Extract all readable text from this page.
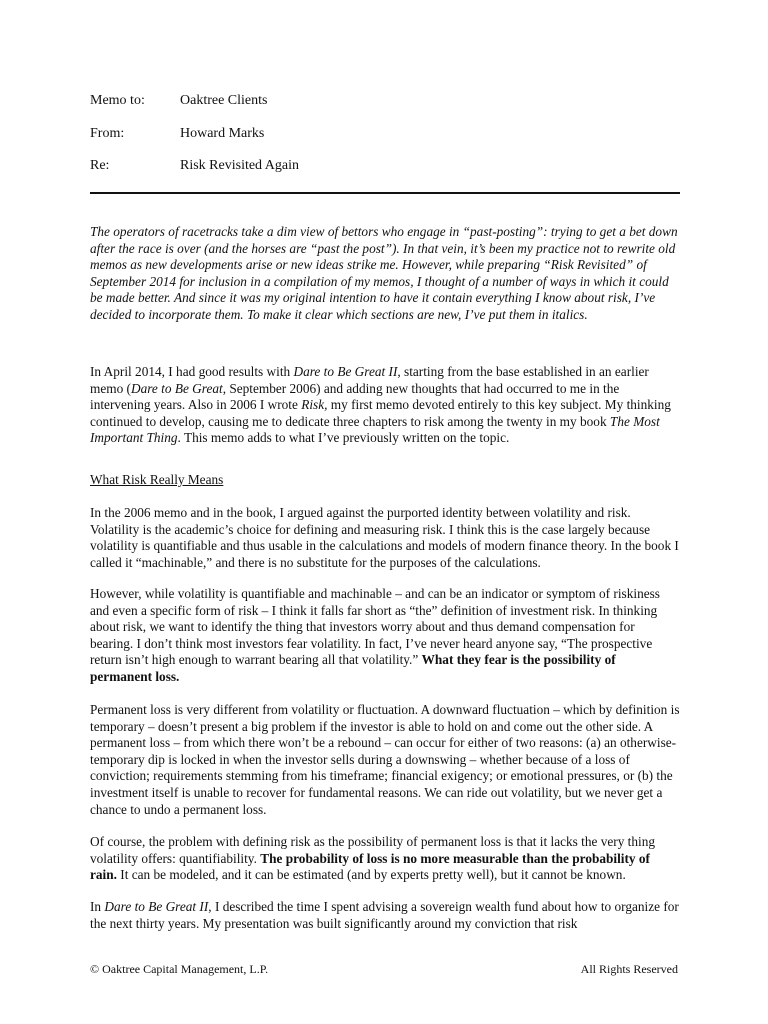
Memo to:	Oaktree Clients
From:	Howard Marks
Re:	Risk Revisited Again

The operators of racetracks take a dim view of bettors who engage in “past-posting”: trying to get a bet down after the race is over (and the horses are “past the post”). In that vein, it’s been my practice not to rewrite old memos as new developments arise or new ideas strike me. However, while preparing “Risk Revisited” of September 2014 for inclusion in a compilation of my memos, I thought of a number of ways in which it could be made better. And since it was my original intention to have it contain everything I know about risk, I’ve decided to incorporate them. To make it clear which sections are new, I’ve put them in italics.

In April 2014, I had good results with Dare to Be Great II, starting from the base established in an earlier memo (Dare to Be Great, September 2006) and adding new thoughts that had occurred to me in the intervening years. Also in 2006 I wrote Risk, my first memo devoted entirely to this key subject. My thinking continued to develop, causing me to dedicate three chapters to risk among the twenty in my book The Most Important Thing. This memo adds to what I’ve previously written on the topic.

What Risk Really Means

In the 2006 memo and in the book, I argued against the purported identity between volatility and risk. Volatility is the academic’s choice for defining and measuring risk. I think this is the case largely because volatility is quantifiable and thus usable in the calculations and models of modern finance theory. In the book I called it “machinable,” and there is no substitute for the purposes of the calculations.

However, while volatility is quantifiable and machinable – and can be an indicator or symptom of riskiness and even a specific form of risk – I think it falls far short as “the” definition of investment risk. In thinking about risk, we want to identify the thing that investors worry about and thus demand compensation for bearing. I don’t think most investors fear volatility. In fact, I’ve never heard anyone say, “The prospective return isn’t high enough to warrant bearing all that volatility.” What they fear is the possibility of permanent loss.

Permanent loss is very different from volatility or fluctuation. A downward fluctuation – which by definition is temporary – doesn’t present a big problem if the investor is able to hold on and come out the other side. A permanent loss – from which there won’t be a rebound – can occur for either of two reasons: (a) an otherwise-temporary dip is locked in when the investor sells during a downswing – whether because of a loss of conviction; requirements stemming from his timeframe; financial exigency; or emotional pressures, or (b) the investment itself is unable to recover for fundamental reasons. We can ride out volatility, but we never get a chance to undo a permanent loss.

Of course, the problem with defining risk as the possibility of permanent loss is that it lacks the very thing volatility offers: quantifiability. The probability of loss is no more measurable than the probability of rain. It can be modeled, and it can be estimated (and by experts pretty well), but it cannot be known.

In Dare to Be Great II, I described the time I spent advising a sovereign wealth fund about how to organize for the next thirty years. My presentation was built significantly around my conviction that risk

© Oaktree Capital Management, L.P.	All Rights Reserved
